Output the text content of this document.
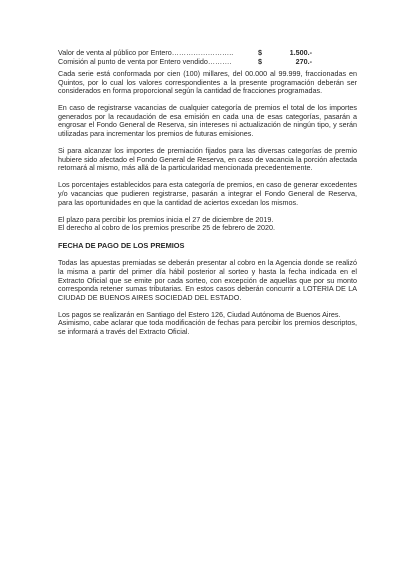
Valor de venta al público por Entero……………………..	$	1.500.-
Comisión al punto de venta por Entero vendido……….	$	270.-

Cada serie está conformada por cien (100) millares, del 00.000 al 99.999, fraccionadas en Quintos, por lo cual los valores correspondientes a la presente programación deberán ser considerados en forma proporcional según la cantidad de fracciones programadas.

En caso de registrarse vacancias de cualquier categoría de premios el total de los importes generados por la recaudación de esa emisión en cada una de esas categorías, pasarán a engrosar el Fondo General de Reserva, sin intereses ni actualización de ningún tipo, y serán utilizadas para incrementar los premios de futuras emisiones.

Si para alcanzar los importes de premiación fijados para las diversas categorías de premio hubiere sido afectado el Fondo General de Reserva, en caso de vacancia la porción afectada retornará al mismo, más allá de la particularidad mencionada precedentemente.

Los porcentajes establecidos para esta categoría de premios, en caso de generar excedentes y/o vacancias que pudieren registrarse, pasarán a integrar el Fondo General de Reserva, para las oportunidades en que la cantidad de aciertos excedan los mismos.

El plazo para percibir los premios inicia el 27 de diciembre de 2019.
El derecho al cobro de los premios prescribe 25 de febrero de 2020.

FECHA DE PAGO DE LOS PREMIOS

Todas las apuestas premiadas se deberán presentar al cobro en la Agencia donde se realizó la misma a partir del primer día hábil posterior al sorteo y hasta la fecha indicada en el Extracto Oficial que se emite por cada sorteo, con excepción de aquellas que por su monto corresponda retener sumas tributarias. En estos casos deberán concurrir a LOTERIA DE LA CIUDAD DE BUENOS AIRES SOCIEDAD DEL ESTADO.

Los pagos se realizarán en Santiago del Estero 126, Ciudad Autónoma de Buenos Aires.

Asimismo, cabe aclarar que toda modificación de fechas para percibir los premios descriptos, se informará a través del Extracto Oficial.
